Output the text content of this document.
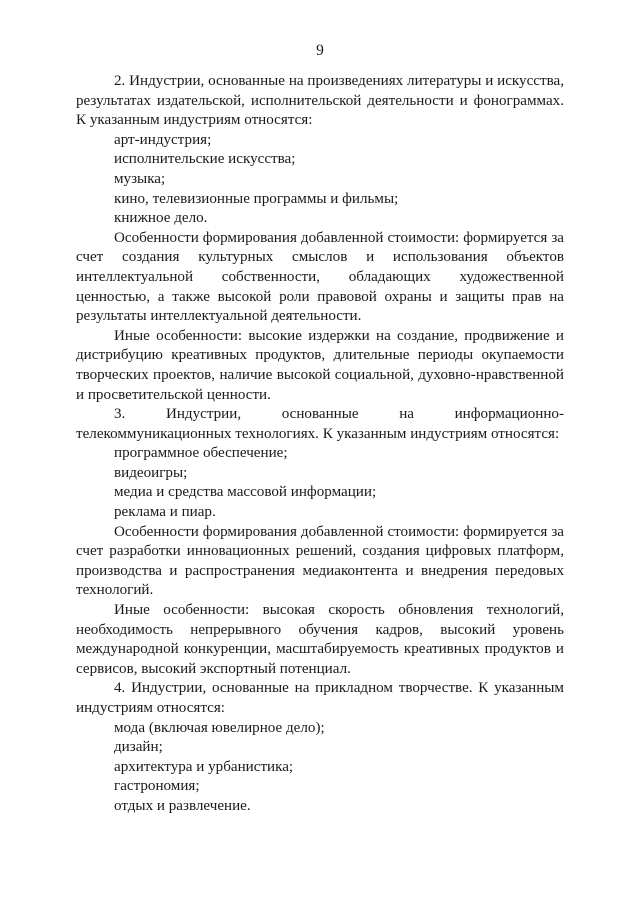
9

2. Индустрии, основанные на произведениях литературы и искусства, результатах издательской, исполнительской деятельности и фонограммах. К указанным индустриям относятся:

арт-индустрия;

исполнительские искусства;

музыка;

кино, телевизионные программы и фильмы;

книжное дело.

Особенности формирования добавленной стоимости: формируется за счет создания культурных смыслов и использования объектов интеллектуальной собственности, обладающих художественной ценностью, а также высокой роли правовой охраны и защиты прав на результаты интеллектуальной деятельности.

Иные особенности: высокие издержки на создание, продвижение и дистрибуцию креативных продуктов, длительные периоды окупаемости творческих проектов, наличие высокой социальной, духовно-нравственной и просветительской ценности.

3. Индустрии, основанные на информационно-телекоммуникационных технологиях. К указанным индустриям относятся:

программное обеспечение;

видеоигры;

медиа и средства массовой информации;

реклама и пиар.

Особенности формирования добавленной стоимости: формируется за счет разработки инновационных решений, создания цифровых платформ, производства и распространения медиаконтента и внедрения передовых технологий.

Иные особенности: высокая скорость обновления технологий, необходимость непрерывного обучения кадров, высокий уровень международной конкуренции, масштабируемость креативных продуктов и сервисов, высокий экспортный потенциал.

4. Индустрии, основанные на прикладном творчестве. К указанным индустриям относятся:

мода (включая ювелирное дело);

дизайн;

архитектура и урбанистика;

гастрономия;

отдых и развлечение.
